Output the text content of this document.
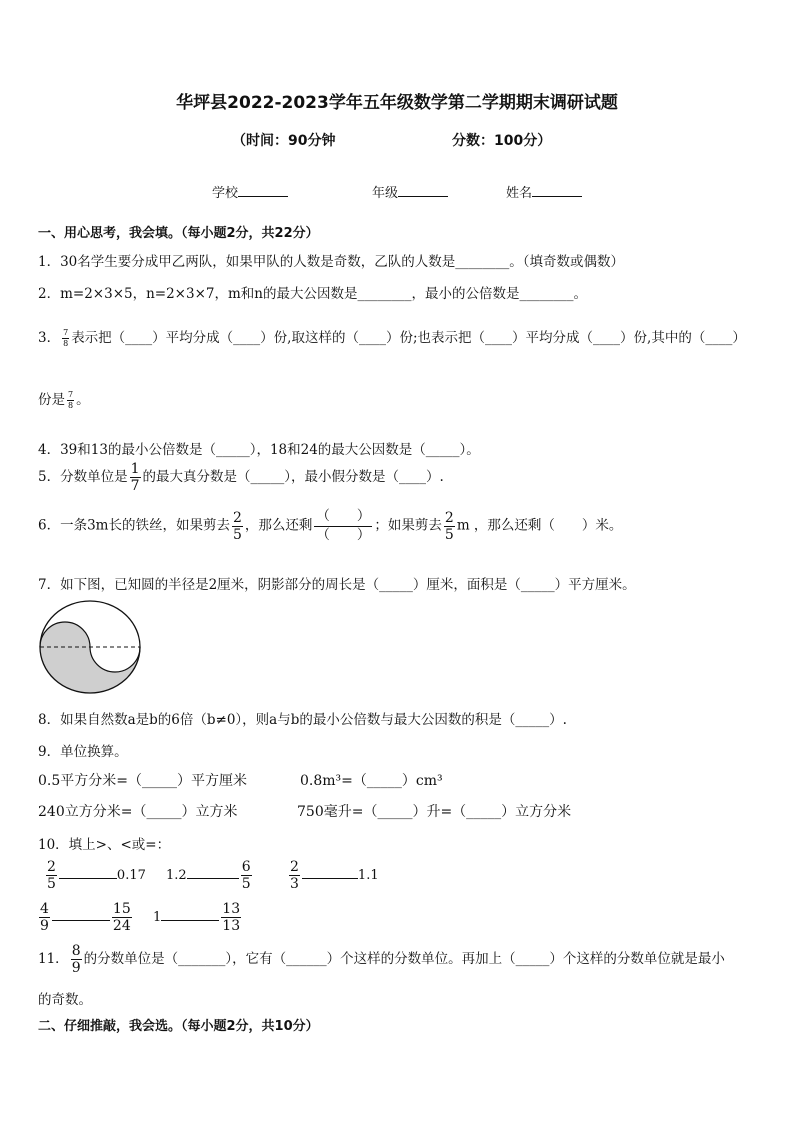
华坪县2022-2023学年五年级数学第二学期期末调研试题
（时间：90分钟	分数：100分）
学校	年级	姓名
一、用心思考，我会填。（每小题2分，共22分）
1．30名学生要分成甲乙两队，如果甲队的人数是奇数，乙队的人数是________。（填奇数或偶数）
2．m=2×3×5，n=2×3×7，m和n的最大公因数是________，最小的公倍数是________。
3． $\frac{7}{8}$ 表示把（____）平均分成（____）份,取这样的（____）份;也表示把（____）平均分成（____）份,其中的（____）
份是 $\frac{7}{8}$ 。
4．39和13的最小公倍数是（_____），18和24的最大公因数是（_____）。
5．分数单位是 $\frac{1}{7}$ 的最大真分数是（_____），最小假分数是（____）.
6．一条3m长的铁丝，如果剪去 $\frac{2}{5}$ ，那么还剩
（　　）
（　　）
；如果剪去 $\frac{2}{5}$ m ，那么还剩（　　）米。
7．如下图，已知圆的半径是2厘米，阴影部分的周长是（_____）厘米，面积是（_____）平方厘米。
8．如果自然数a是b的6倍（b≠0），则a与b的最小公倍数与最大公因数的积是（_____）.
9．单位换算。
0.5平方分米=（_____）平方厘米	0.8m³=（_____）cm³
240立方分米=（_____）立方米	750毫升=（_____）升=（_____）立方分米
10．填上>、<或=：
$\frac{2}{5}$	0.17 1.2	$\frac{6}{5}$	$\frac{2}{3}$	1.1
$\frac{4}{9}$	$\frac{15}{24} 1$	$\frac{13}{13}$
11． $\frac{8}{9}$ 的分数单位是（_______），它有（______）个这样的分数单位。再加上（_____）个这样的分数单位就是最小
的奇数。
二、仔细推敲，我会选。（每小题2分，共10分）
